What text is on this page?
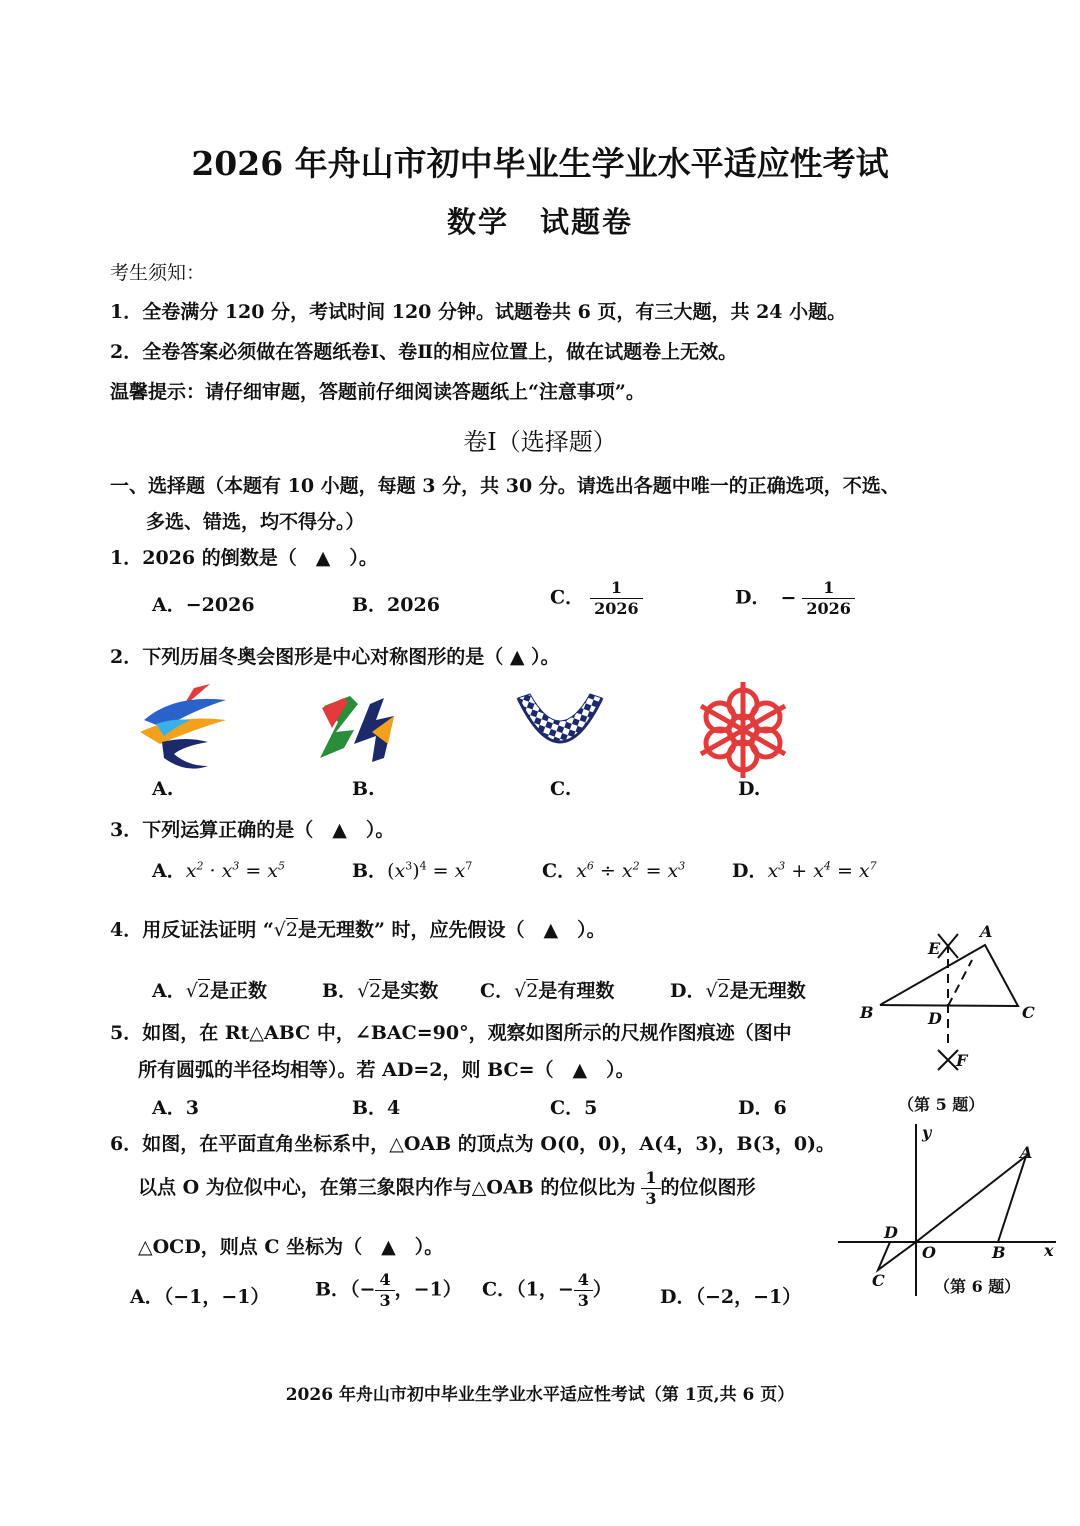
2026 年舟山市初中毕业生学业水平适应性考试
数学　试题卷
考生须知：
1．全卷满分 120 分，考试时间 120 分钟。试题卷共 6 页，有三大题，共 24 小题。
2．全卷答案必须做在答题纸卷Ⅰ、卷Ⅱ的相应位置上，做在试题卷上无效。
温馨提示：请仔细审题，答题前仔细阅读答题纸上“注意事项”。
卷Ⅰ（选择题）
一、选择题（本题有 10 小题，每题 3 分，共 30 分。请选出各题中唯一的正确选项，不选、
多选、错选，均不得分。）
1．2026 的倒数是（　▲　）。
A．−2026	B．2026	C． $\frac{1}{2026}$	D． − $\frac{1}{2026}$
2．下列历届冬奥会图形是中心对称图形的是（ ▲ ）。
A.	B.	C.	D.
3．下列运算正确的是（　▲　）。
A．$x^2 \cdot x^3 = x^5$	B．$(x^3)^4 = x^7$	C．$x^6 \div x^2 = x^3$ D．$x^3 + x^4 = x^7$
4．用反证法证明 “√2是无理数” 时，应先假设（　▲　）。
A．√2是正数	B．√2是实数 C．√2是有理数	D．√2是无理数
5．如图，在 Rt△ABC 中，∠BAC=90°，观察如图所示的尺规作图痕迹（图中
所有圆弧的半径均相等）。若 AD=2，则 BC=（　▲　）。
A．3	B．4	C．5	D．6
A
B	C
D
E
F
（第 5 题）
6．如图，在平面直角坐标系中，△OAB 的顶点为 O(0，0)，A(4，3)，B(3，0)。
以点 O 为位似中心，在第三象限内作与△OAB 的位似比为 $\frac{1}{3}$ 的位似图形
△OCD，则点 C 坐标为（　▲　）。
A．（−1，−1） B．（− $\frac{4}{3}$ ，−1） C．（1，− $\frac{4}{3}$ ）	D．（−2，−1）
y
x
A
B
O
D
C	（第 6 题）
2026 年舟山市初中毕业生学业水平适应性考试（第 1页,共 6 页）
